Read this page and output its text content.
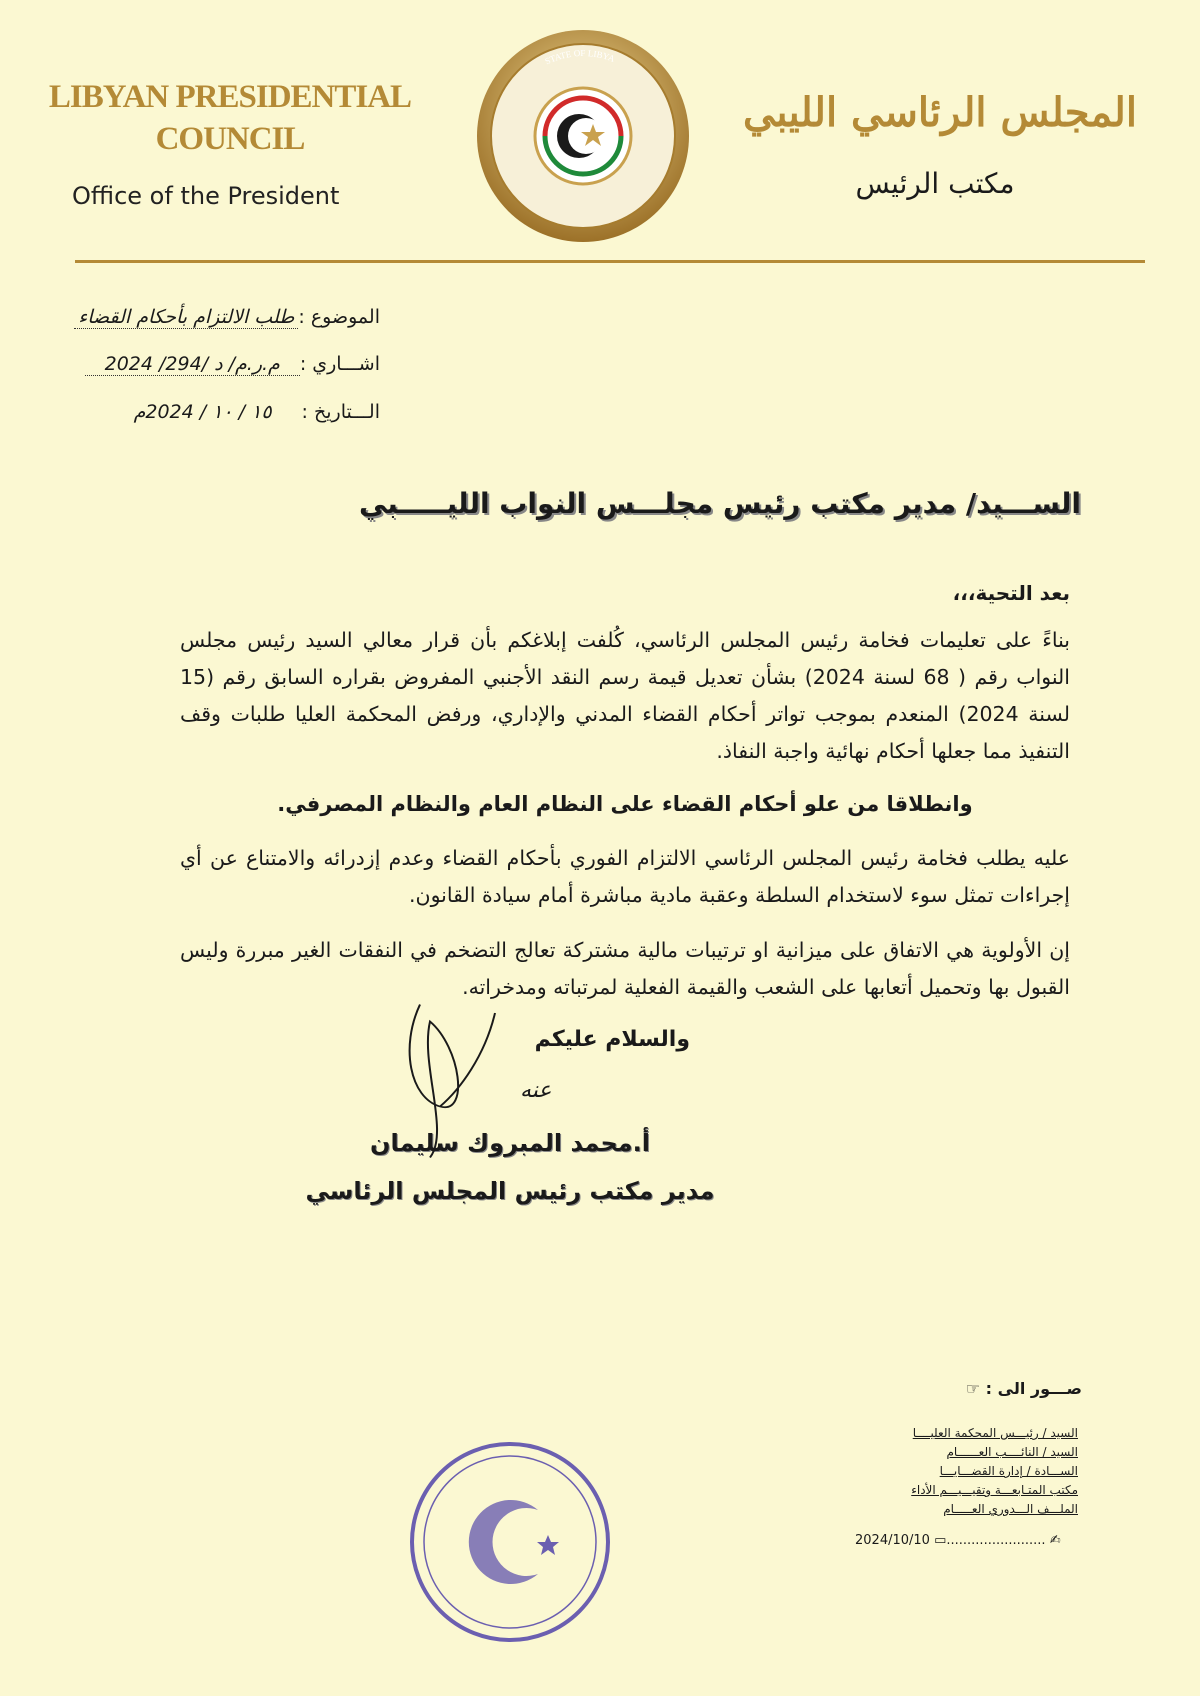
LIBYAN PRESIDENTIAL
COUNCIL
Office of the President
STATE OF LIBYA
المجلس الرئاسي الليبي
مكتب الرئيس
الموضوع :طلب الالتزام بأحكام القضاء
اشـــاري :م.ر.م/ د /294/ 2024
الـــتاريخ :١٥ / ١٠ / 2024م
الســـيد/ مدير مكتب رئيس مجلـــس النواب الليـــــبي
بعد التحية،،،
بناءً على تعليمات فخامة رئيس المجلس الرئاسي، كُلفت إبلاغكم بأن قرار معالي السيد رئيس مجلس النواب رقم ( 68 لسنة 2024) بشأن تعديل قيمة رسم النقد الأجنبي المفروض بقراره السابق رقم (15 لسنة 2024) المنعدم بموجب تواتر أحكام القضاء المدني والإداري، ورفض المحكمة العليا طلبات وقف التنفيذ مما جعلها أحكام نهائية واجبة النفاذ.
وانطلاقا من علو أحكام القضاء على النظام العام والنظام المصرفي.
عليه يطلب فخامة رئيس المجلس الرئاسي الالتزام الفوري بأحكام القضاء وعدم إزدرائه والامتناع عن أي إجراءات تمثل سوء لاستخدام السلطة وعقبة مادية مباشرة أمام سيادة القانون.
إن الأولوية هي الاتفاق على ميزانية او ترتيبات مالية مشتركة تعالج التضخم في النفقات الغير مبررة وليس القبول بها وتحميل أتعابها على الشعب والقيمة الفعلية لمرتباته ومدخراته.
والسلام عليكم
عنه
أ.محمد المبروك سليمان
مدير مكتب رئيس المجلس الرئاسي
صـــور الى : ☞
السيد / رئيـــس المحكمة العليــــا
السيد / النائــــب العــــــام
الســـادة / إدارة القضـــايـــا
مكتب المتـابعـــة وتقيـــيـــم الأداء
الملـــف الـــدوري العـــــام
2024/10/10 ▭........................ ✍
